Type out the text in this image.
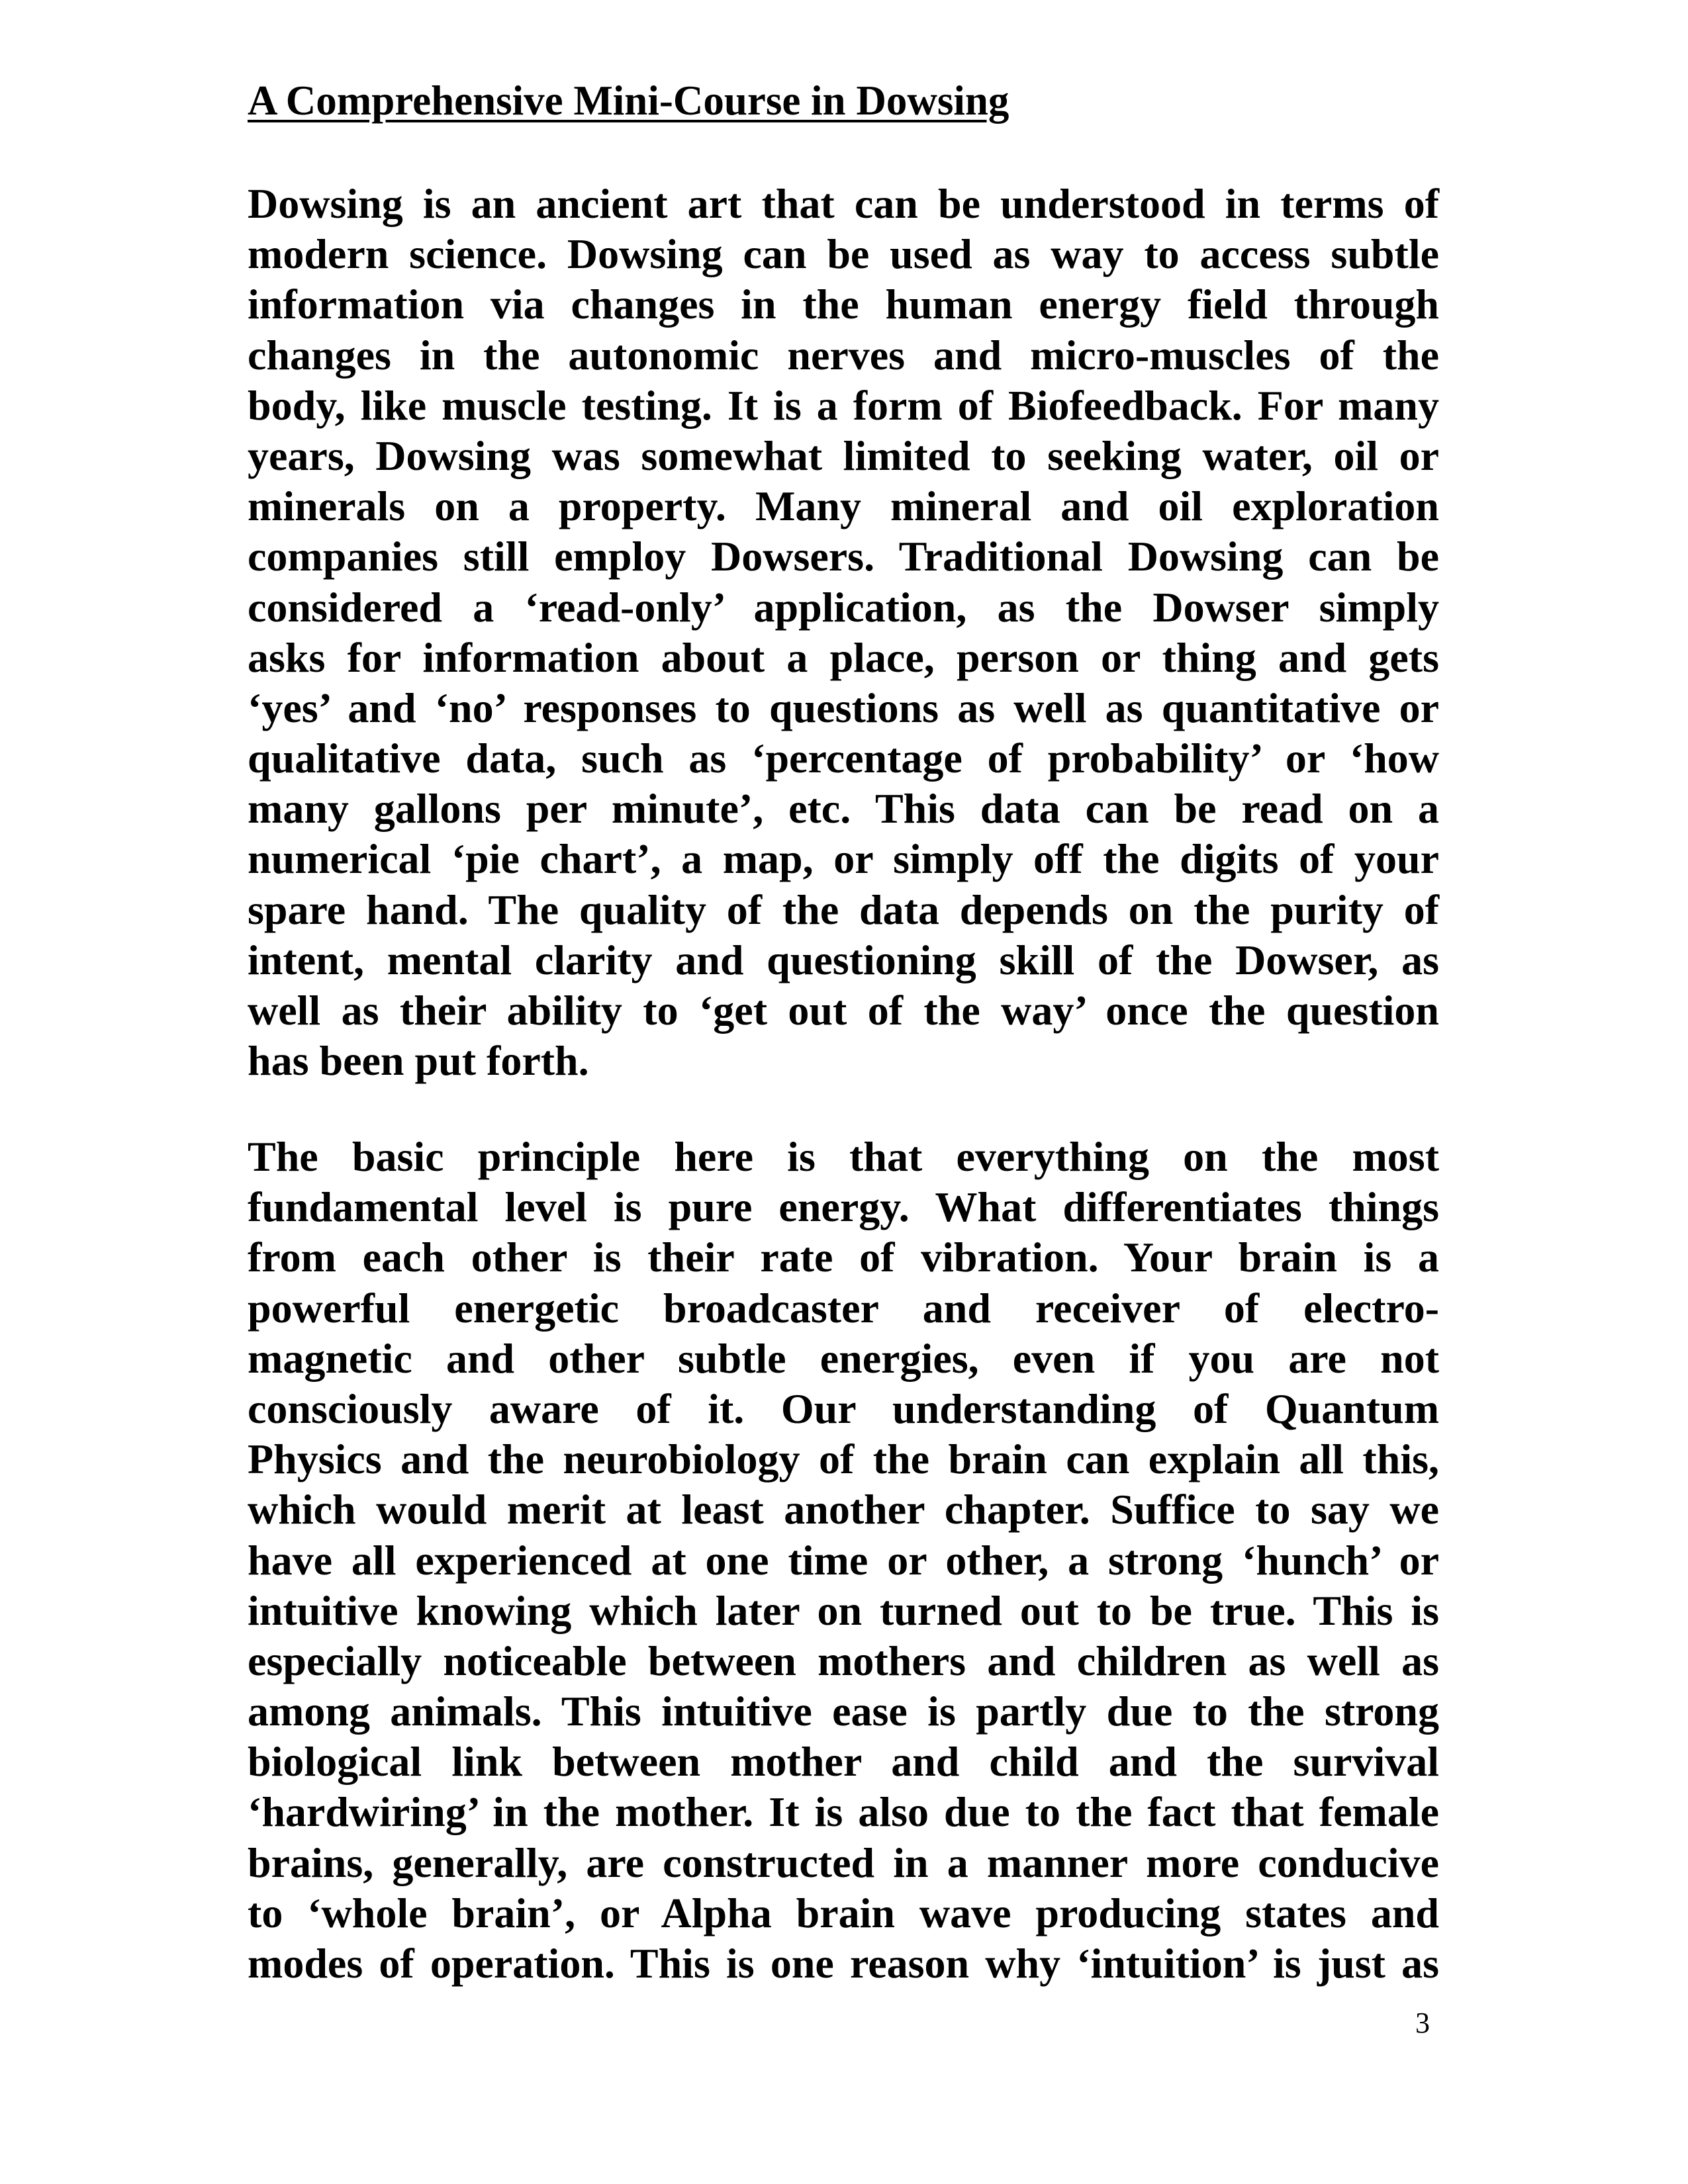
A Comprehensive Mini-Course in Dowsing
Dowsing is an ancient art that can be understood in terms of
modern science. Dowsing can be used as way to access subtle
information via changes in the human energy field through
changes in the autonomic nerves and micro-muscles of the
body, like muscle testing. It is a form of Biofeedback. For many
years, Dowsing was somewhat limited to seeking water, oil or
minerals on a property. Many mineral and oil exploration
companies still employ Dowsers. Traditional Dowsing can be
considered a ‘read-only’ application, as the Dowser simply
asks for information about a place, person or thing and gets
‘yes’ and ‘no’ responses to questions as well as quantitative or
qualitative data, such as ‘percentage of probability’ or ‘how
many gallons per minute’, etc. This data can be read on a
numerical ‘pie chart’, a map, or simply off the digits of your
spare hand. The quality of the data depends on the purity of
intent, mental clarity and questioning skill of the Dowser, as
well as their ability to ‘get out of the way’ once the question
has been put forth.
The basic principle here is that everything on the most
fundamental level is pure energy. What differentiates things
from each other is their rate of vibration. Your brain is a
powerful energetic broadcaster and receiver of electro-
magnetic and other subtle energies, even if you are not
consciously aware of it. Our understanding of Quantum
Physics and the neurobiology of the brain can explain all this,
which would merit at least another chapter. Suffice to say we
have all experienced at one time or other, a strong ‘hunch’ or
intuitive knowing which later on turned out to be true. This is
especially noticeable between mothers and children as well as
among animals. This intuitive ease is partly due to the strong
biological link between mother and child and the survival
‘hardwiring’ in the mother. It is also due to the fact that female
brains, generally, are constructed in a manner more conducive
to ‘whole brain’, or Alpha brain wave producing states and
modes of operation. This is one reason why ‘intuition’ is just as
3
